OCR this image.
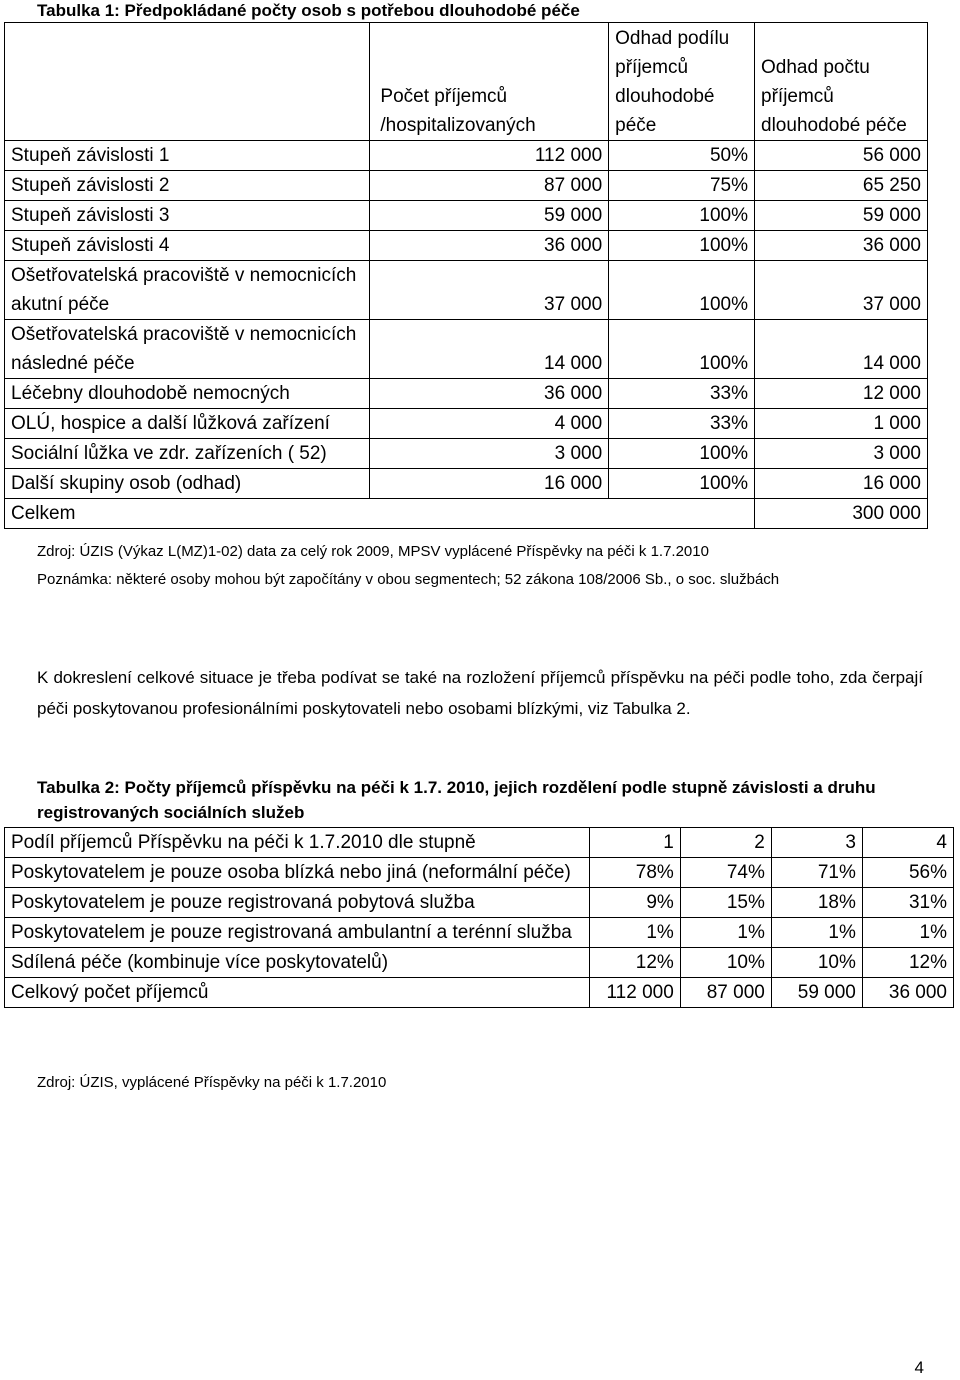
Tabulka 1: Předpokládané počty osob s potřebou dlouhodobé péče
	Počet příjemců /hospitalizovaných	Odhad podílu příjemců dlouhodobé péče	Odhad počtu příjemců dlouhodobé péče
Stupeň závislosti 1	112 000	50%	56 000
Stupeň závislosti 2	87 000	75%	65 250
Stupeň závislosti 3	59 000	100%	59 000
Stupeň závislosti 4	36 000	100%	36 000
Ošetřovatelská pracoviště v nemocnicích akutní péče	37 000	100%	37 000
Ošetřovatelská pracoviště v nemocnicích následné péče	14 000	100%	14 000
Léčebny dlouhodobě nemocných	36 000	33%	12 000
OLÚ, hospice a další lůžková zařízení	4 000	33%	1 000
Sociální lůžka ve zdr. zařízeních ( 52)	3 000	100%	3 000
Další skupiny osob (odhad)	16 000	100%	16 000
Celkem			300 000
Zdroj: ÚZIS (Výkaz L(MZ)1-02) data za celý rok 2009, MPSV vyplácené Příspěvky na péči k 1.7.2010
Poznámka: některé osoby mohou být započítány v obou segmentech; 52 zákona 108/2006 Sb., o soc. službách
K dokreslení celkové situace je třeba podívat se také na rozložení příjemců příspěvku na péči podle toho, zda čerpají péči poskytovanou profesionálními poskytovateli nebo osobami blízkými, viz Tabulka 2.
Tabulka 2: Počty příjemců příspěvku na péči k 1.7. 2010, jejich rozdělení podle stupně závislosti a druhu registrovaných sociálních služeb
Podíl příjemců Příspěvku na péči k 1.7.2010 dle stupně	1	2	3	4
Poskytovatelem je pouze osoba blízká nebo jiná (neformální péče)	78%	74%	71%	56%
Poskytovatelem je pouze registrovaná pobytová služba	9%	15%	18%	31%
Poskytovatelem je pouze registrovaná ambulantní a terénní služba	1%	1%	1%	1%
Sdílená péče (kombinuje více poskytovatelů)	12%	10%	10%	12%
Celkový počet příjemců	112 000	87 000	59 000	36 000
Zdroj: ÚZIS, vyplácené Příspěvky na péči k 1.7.2010
4
